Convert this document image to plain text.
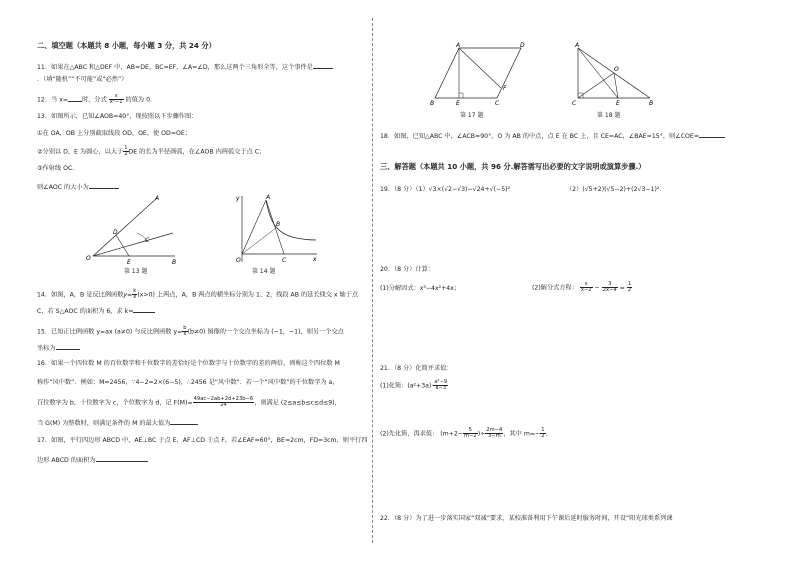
二、填空题（本题共 8 小题，每小题 3 分，共 24 分）
11．如果在△ABC 和△DEF 中，AB=DE，BC=EF，∠A=∠D，那么这两个三角形全等，这个事件是
．（填“随机”“不可能”或“必然”）
12．当 x= 时，分式 $\frac{x}{\text{x²−1}}$ 的值为 0.
13．如图所示，已知∠AOB=40°，现按照以下步骤作图：
①在 OA，OB 上分别截取线段 OD，OE，使 OD=OE；
②分别以 D，E 为圆心，以大于 $\frac{1}{2}$ DE 的长为半径画弧，在∠AOB 内两弧交于点 C；
③作射线 OC.
则∠AOC 的大小为
O
A
B
D
E
C
第 13 题
y
x
O
A
B
C
第 14 题
14．如图，A，B 是反比例函数$y= \frac{k}{x} (x>0)$ 上两点，A，B 两点的横坐标分别为 1、2，线段 AB 的延长线交 x 轴于点
C，若 S△AOC 的面积为 6，求 k=
15．已知正比例函数 y=ax (a≠0) 与反比例函数 $y= \frac{b}{x} (b\ne 0)$ 图像的一个交点坐标为 (−1，−1)，则另一个交点
坐标为
16．如果一个四位数 M 的百位数字和千位数字的差恰好是个位数字与十位数字的差的两倍，则称这个四位数 M
称作“风中数”．例如：M=2456，∵4−2=2×(6−5)，∴2456 是“风中数”．若一个“风中数”的千位数字为 a，
百位数字为 b，十位数字为 c，个位数字为 d，记 $F(M)= \frac{49ac-2ab+2d+23b-6}{24}$ ，则满足 (2≤a≤b≤c≤d≤9)，
当 G(M) 为整数时，则满足条件的 M 的最大值为
17．如图，平行四边形 ABCD 中，AE⊥BC 于点 E，AF⊥CD 于点 F，若∠EAF=60°，BE=2cm，FD=3cm，则平行四
边形 ABCD 的面积为
A	D
B	E	C
F
第 17 题
A
O
C	E	B
第 18 题
18．如图，已知△ABC 中，∠ACB=90°，O 为 AB 的中点，点 E 在 BC 上，且 CE=AC，∠BAE=15°，则∠COE=
三、解答题（本题共 10 小题，共 96 分.解答需写出必要的文字说明或演算步骤.）
19．（8 分）（1）√3×(√2−√3)−√24+√(−5)²	（2）(√5+2)(√5−2)+(2√3−1)².
20．（8 分）计算：
(1)分解因式：x³−4x²+4x；	(2)解分式方程： $\frac{x}{x-2} - \frac{3}{2x-4} = \frac{1}{2}$
21．（8 分）化简并求值：
(1)化简：$(a^2+3a)\cdot \frac{\text{a²−9}}{a-3}$
(2)先化简，再求值： ($m+2- \frac{5}{m-2}$ )÷ $\frac{2m-4}{3-m}$ ，其中 $m=- \frac{1}{2}$ .
22．（8 分）为了进一步落实国家“双减”要求，某校准备利用下午课后延时服务时间，开设“阳光球类系列课
